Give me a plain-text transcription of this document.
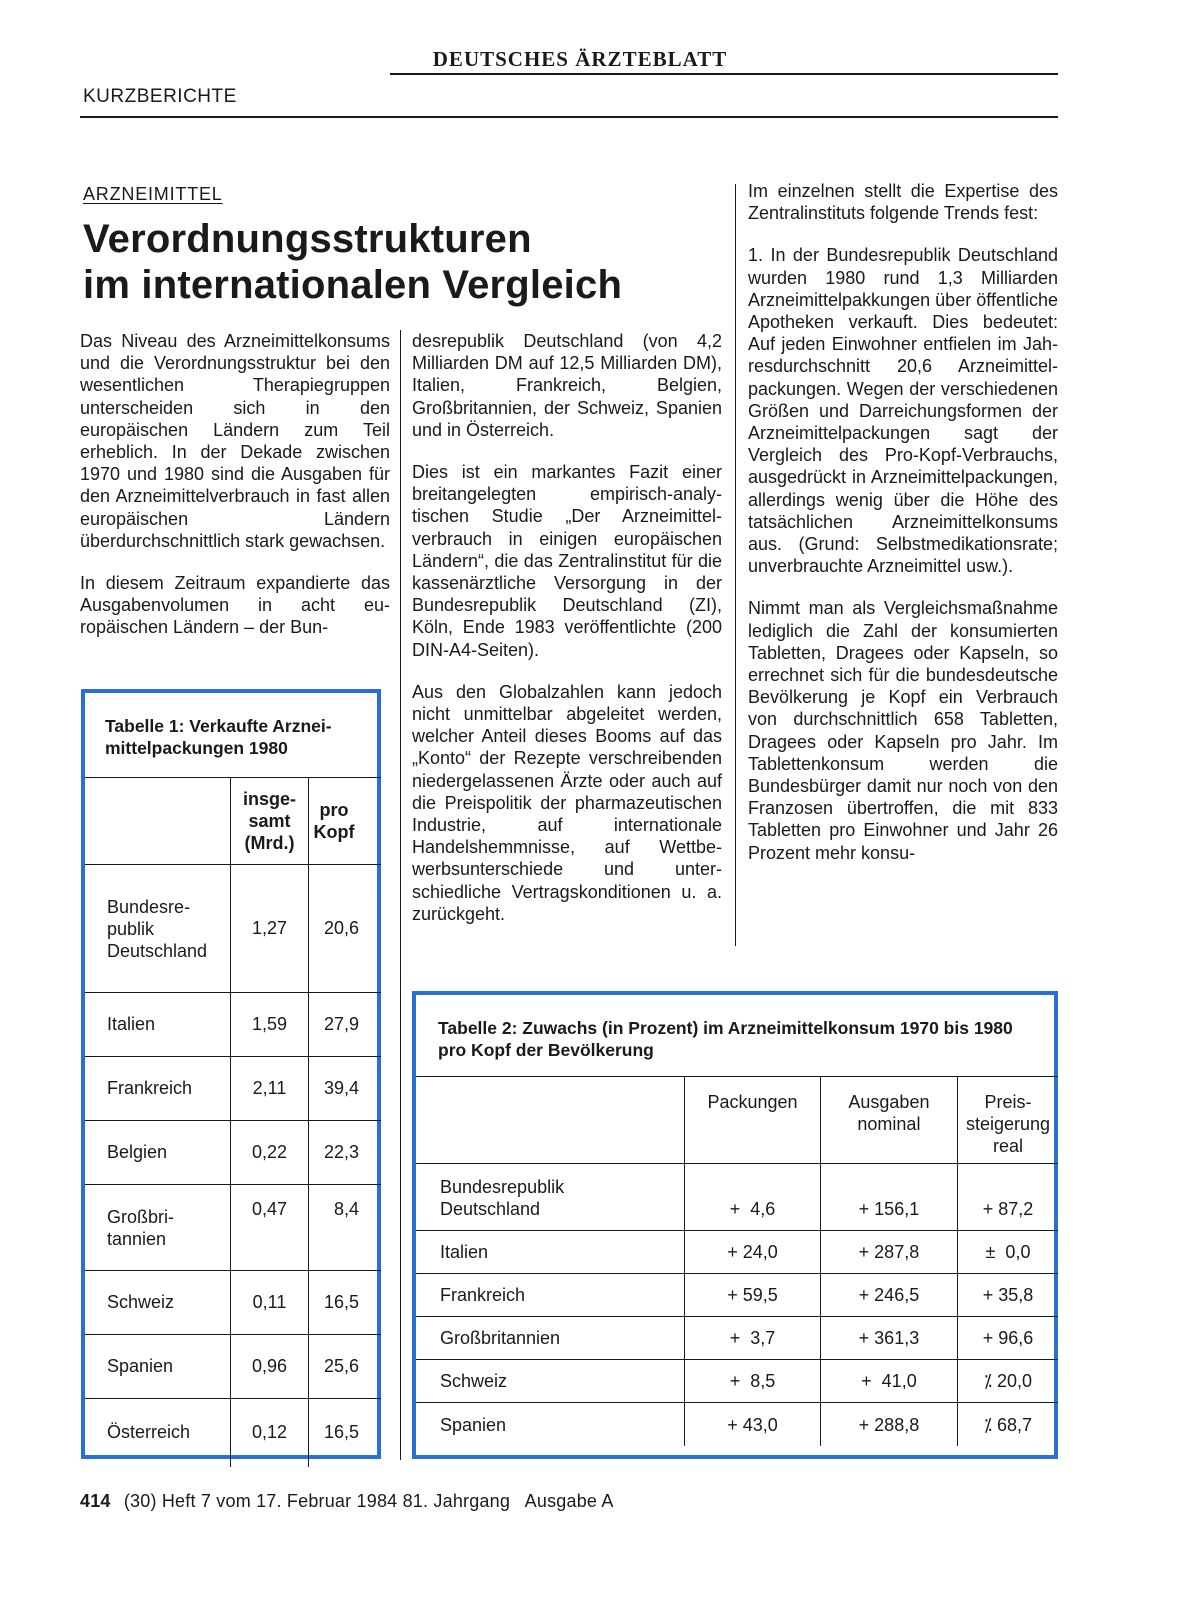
DEUTSCHES ÄRZTEBLATT
KURZBERICHTE
ARZNEIMITTEL
Verordnungsstrukturen
im internationalen Vergleich

Das Niveau des Arzneimittelkonsums und die Verordnungsstruktur bei den wesentlichen Therapiegruppen unterscheiden sich in den europäischen Ländern zum Teil erheblich. In der Dekade zwischen 1970 und 1980 sind die Ausgaben für den Arzneimittelverbrauch in fast allen europäischen Ländern überdurchschnittlich stark gewachsen.

In diesem Zeitraum expandierte das Ausgabenvolumen in acht europäischen Ländern – der Bun-

desrepublik Deutschland (von 4,2 Milliarden DM auf 12,5 Milliarden DM), Italien, Frankreich, Belgien, Großbritannien, der Schweiz, Spanien und in Österreich.

Dies ist ein markantes Fazit einer breitangelegten empirisch-analytischen Studie „Der Arzneimittelverbrauch in einigen europäischen Ländern“, die das Zentralinstitut für die kassenärztliche Versorgung in der Bundesrepublik Deutschland (ZI), Köln, Ende 1983 veröffentlichte (200 DIN-A4-Seiten).

Aus den Globalzahlen kann jedoch nicht unmittelbar abgeleitet werden, welcher Anteil dieses Booms auf das „Konto“ der Rezepte verschreibenden niedergelassenen Ärzte oder auch auf die Preispolitik der pharmazeutischen Industrie, auf internationale Handelshemmnisse, auf Wettbewerbsunterschiede und unterschiedliche Vertragskonditionen u. a. zurückgeht.

Im einzelnen stellt die Expertise des Zentralinstituts folgende Trends fest:

1. In der Bundesrepublik Deutschland wurden 1980 rund 1,3 Milliarden Arzneimittelpakkungen über öffentliche Apotheken verkauft. Dies bedeutet: Auf jeden Einwohner entfielen im Jahresdurchschnitt 20,6 Arzneimittelpackungen. Wegen der verschiedenen Größen und Darreichungsformen der Arzneimittelpackungen sagt der Vergleich des Pro-Kopf-Verbrauchs, ausgedrückt in Arzneimittelpackungen, allerdings wenig über die Höhe des tatsächlichen Arzneimittelkonsums aus. (Grund: Selbstmedikationsrate; unverbrauchte Arzneimittel usw.).

Nimmt man als Vergleichsmaßnahme lediglich die Zahl der konsumierten Tabletten, Dragees oder Kapseln, so errechnet sich für die bundesdeutsche Bevölkerung je Kopf ein Verbrauch von durchschnittlich 658 Tabletten, Dragees oder Kapseln pro Jahr. Im Tablettenkonsum werden die Bundesbürger damit nur noch von den Franzosen übertroffen, die mit 833 Tabletten pro Einwohner und Jahr 26 Prozent mehr konsu-

Tabelle 1: Verkaufte Arzneimittelpackungen 1980
	insgesamt (Mrd.)	pro Kopf

Bundesrepublik Deutschland	1,27	20,6
Italien	1,59	27,9
Frankreich	2,11	39,4
Belgien	0,22	22,3
Großbritannien	0,47	8,4
Schweiz	0,11	16,5
Spanien	0,96	25,6
Österreich	0,12	16,5
Tabelle 2: Zuwachs (in Prozent) im Arzneimittelkonsum 1970 bis 1980 pro Kopf der Bevölkerung
	Packungen	Ausgaben nominal	Preissteigerung real

Bundesrepublik Deutschland	+  4,6	+ 156,1	+ 87,2
Italien	+ 24,0	+ 287,8	±  0,0
Frankreich	+ 59,5	+ 246,5	+ 35,8
Großbritannien	+  3,7	+ 361,3	+ 96,6
Schweiz	+  8,5	+  41,0	⁒ 20,0
Spanien	+ 43,0	+ 288,8	⁒ 68,7
414 (30) Heft 7 vom 17. Februar 1984 81. Jahrgang   Ausgabe A
